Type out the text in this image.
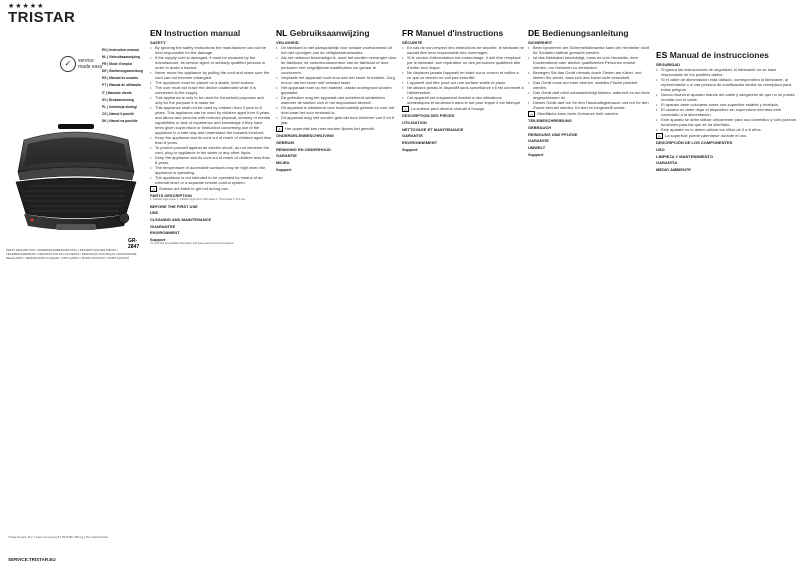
★★★★★
TRISTAR
✓	service
made easy
EN | Instruction manual
NL | Gebruiksaanwijzing
FR | Mode d'emploi
DE | Bedienungsanleitung
ES | Manual de usuario
PT | Manual de utilização
IT | Manuale utente
SV | Bruksanvisning
PL | Instrukcja obsługi
CS | Návod k použití
SK | Návod na použitie
GR-2847
PARTS DESCRIPTION / ONDERDELENBESCHRIJVING / DESCRIPTION DES PIÈCES / TEILEBESCHREIBUNG / DESCRIPCIÓN DE LAS PIEZAS / DESCRIÇÃO DAS PEÇAS / DESCRIZIONE DELLE PARTI / BESKRIVNING AV DELAR / OPIS CZĘŚCI / POPIS SOUČÁSTÍ / POPIS SÚČASTÍ
Tristar Europe B.V. | Jules Verneweg 87 5015 BH Tilburg | The Netherlands
SERVICE.TRISTAR.EU
EN Instruction manual
SAFETY

• By ignoring the safety instructions the manufacturer can not be held responsible for the damage.

• If the supply cord is damaged, it must be replaced by the manufacturer, its service agent or similarly qualified persons in order to avoid a hazard.

• Never move the appliance by pulling the cord and make sure the cord can not become entangled.

• The appliance must be placed on a stable, level surface.

• The user must not leave the device unattended while it is connected to the supply.

• This appliance is only to be used for household purposes and only for the purpose it is made for.

• This appliance shall not be used by children from 0 year to 8 years. This appliance can be used by children aged from 8 years and above and persons with reduced physical, sensory or mental capabilities or lack of experience and knowledge if they have been given supervision or instruction concerning use of the appliance in a safe way and understand the hazards involved.

• Keep the appliance and its cord out of reach of children aged less than 8 years.

• To protect yourself against an electric shock, do not immerse the cord, plug or appliance in the water or any other liquid.

• Keep the appliance and its cord out of reach of children less than 8 years.

• The temperature of accessible surfaces may be high when the appliance is operating.

• The appliance is not intended to be operated by means of an external timer or a separate remote-control system.

⚠ Surface are liable to get hot during use.
PARTS DESCRIPTION
1. Indicator light power 2. Indicator light hot 3. Grill plates 4. Thermostat 5. Drip tray
BEFORE THE FIRST USE
USE
CLEANING AND MAINTENANCE
GUARANTEE
ENVIRONMENT
Support
You can find all available information and spare parts at service.tristar.eu!
NL Gebruiksaanwijzing
VEILIGHEID

• De fabrikant is niet aansprakelijk voor schade voortvloeiend uit het niet opvolgen van de veiligheidsinstructies.

• Als het netsnoer beschadigd is, moet het worden vervangen door de fabrikant, de onderhoudsmonteur van de fabrikant of door personen met vergelijkbare kwalificaties om gevaar te voorkomen.

• Verplaats het apparaat nooit door aan het snoer te trekken. Zorg ervoor dat het snoer niet verward raakt.

• Het apparaat moet op een stabiele, vlakke ondergrond worden geplaatst.

• De gebruiker mag het apparaat niet onbeheerd achterlaten wanneer de stekker zich in het stopcontact bevindt.

• Dit apparaat is uitsluitend voor huishoudelijk gebruik en voor het doel waar het voor bestemd is.

• Dit apparaat mag niet worden gebruikt door kinderen van 0 tot 8 jaar.

⚠ Het oppervlak kan heet worden tijdens het gebruik.
ONDERDELENBESCHRIJVING
GEBRUIK
REINIGING EN ONDERHOUD
GARANTIE
MILIEU
Support
FR Manuel d'instructions
SÉCURITÉ

• En cas de non-respect des instructions de sécurité, le fabricant ne saurait être tenu responsable des dommages.

• Si le cordon d'alimentation est endommagé, il doit être remplacé par le fabricant, son réparateur ou des personnes qualifiées afin d'éviter tout risque.

• Ne déplacez jamais l'appareil en tirant sur le cordon et veillez à ce que ce dernier ne soit pas entortillé.

• L'appareil doit être posé sur une surface stable et plane.

• Ne laissez jamais le dispositif sans surveillance s'il est connecté à l'alimentation.

• Cet appareil est uniquement destiné à des utilisations domestiques et seulement dans le but pour lequel il est fabriqué.

⚠ La surface peut devenir chaude à l'usage.
DESCRIPTION DES PIÈCES
UTILISATION
NETTOYAGE ET MAINTENANCE
GARANTIE
ENVIRONNEMENT
Support
DE Bedienungsanleitung
SICHERHEIT

• Beim Ignorieren der Sicherheitshinweise kann der Hersteller nicht für Schäden haftbar gemacht werden.

• Ist das Netzkabel beschädigt, muss es vom Hersteller, dem Kundendienst oder ähnlich qualifizierten Personen ersetzt werden, um Gefahren zu vermeiden.

• Bewegen Sie das Gerät niemals durch Ziehen am Kabel, und stellen Sie sicher, dass sich das Kabel nicht verwickelt.

• Das Gerät muss auf einer ebenen, stabilen Fläche platziert werden.

• Das Gerät darf nicht unbeaufsichtigt bleiben, während es am Netz angeschlossen ist.

• Dieses Gerät darf nur für den Haushaltsgebrauch und nur für den Zweck benutzt werden, für den es hergestellt wurde.

⚠ Oberfläche kann beim Gebrauch heiß werden.
TEILEBESCHREIBUNG
GEBRAUCH
REINIGUNG UND PFLEGE
GARANTIE
UMWELT
Support
ES Manual de instrucciones
SEGURIDAD

• Si ignora las instrucciones de seguridad, el fabricante no se hace responsable de los posibles daños.

• Si el cable de alimentación está dañado, corresponderá al fabricante, al representante o a una persona de cualificación similar su reemplazo para evitar peligros.

• Nunca mueva el aparato tirando del cable y asegúrese de que no se pueda enrollar con el cable.

• El aparato debe colocarse sobre una superficie estable y nivelada.

• El usuario no debe dejar el dispositivo sin supervisión mientras esté conectado a la alimentación.

• Este aparato se debe utilizar únicamente para uso doméstico y sólo para las funciones para las que se ha diseñado.

• Este aparato no lo deben utilizar los niños de 0 a 8 años.

⚠ La superficie puede calentarse durante el uso.
DESCRIPCIÓN DE LOS COMPONENTES
USO
LIMPIEZA Y MANTENIMIENTO
GARANTÍA
MEDIO AMBIENTE
